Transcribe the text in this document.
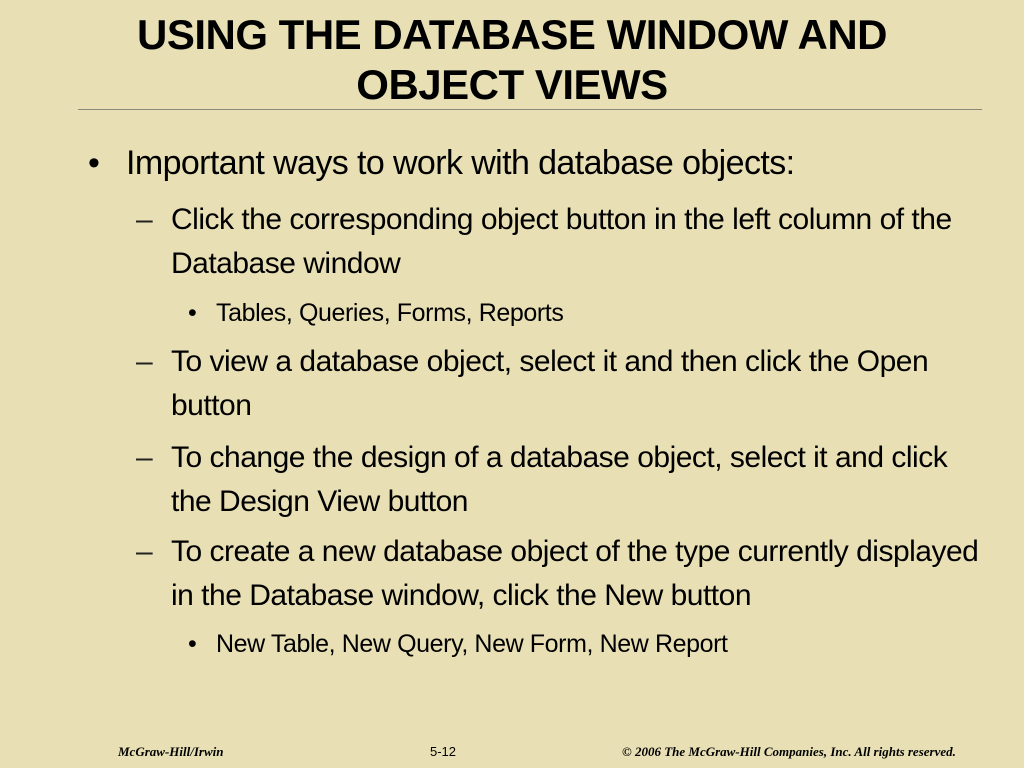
USING THE DATABASE WINDOW AND
OBJECT VIEWS
• Important ways to work with database objects:
– Click the corresponding object button in the left column of the Database window
• Tables, Queries, Forms, Reports
– To view a database object, select it and then click the Open button
– To change the design of a database object, select it and click the Design View button
– To create a new database object of the type currently displayed in the Database window, click the New button
• New Table, New Query, New Form, New Report
McGraw-Hill/Irwin	5-12	© 2006 The McGraw-Hill Companies, Inc. All rights reserved.
